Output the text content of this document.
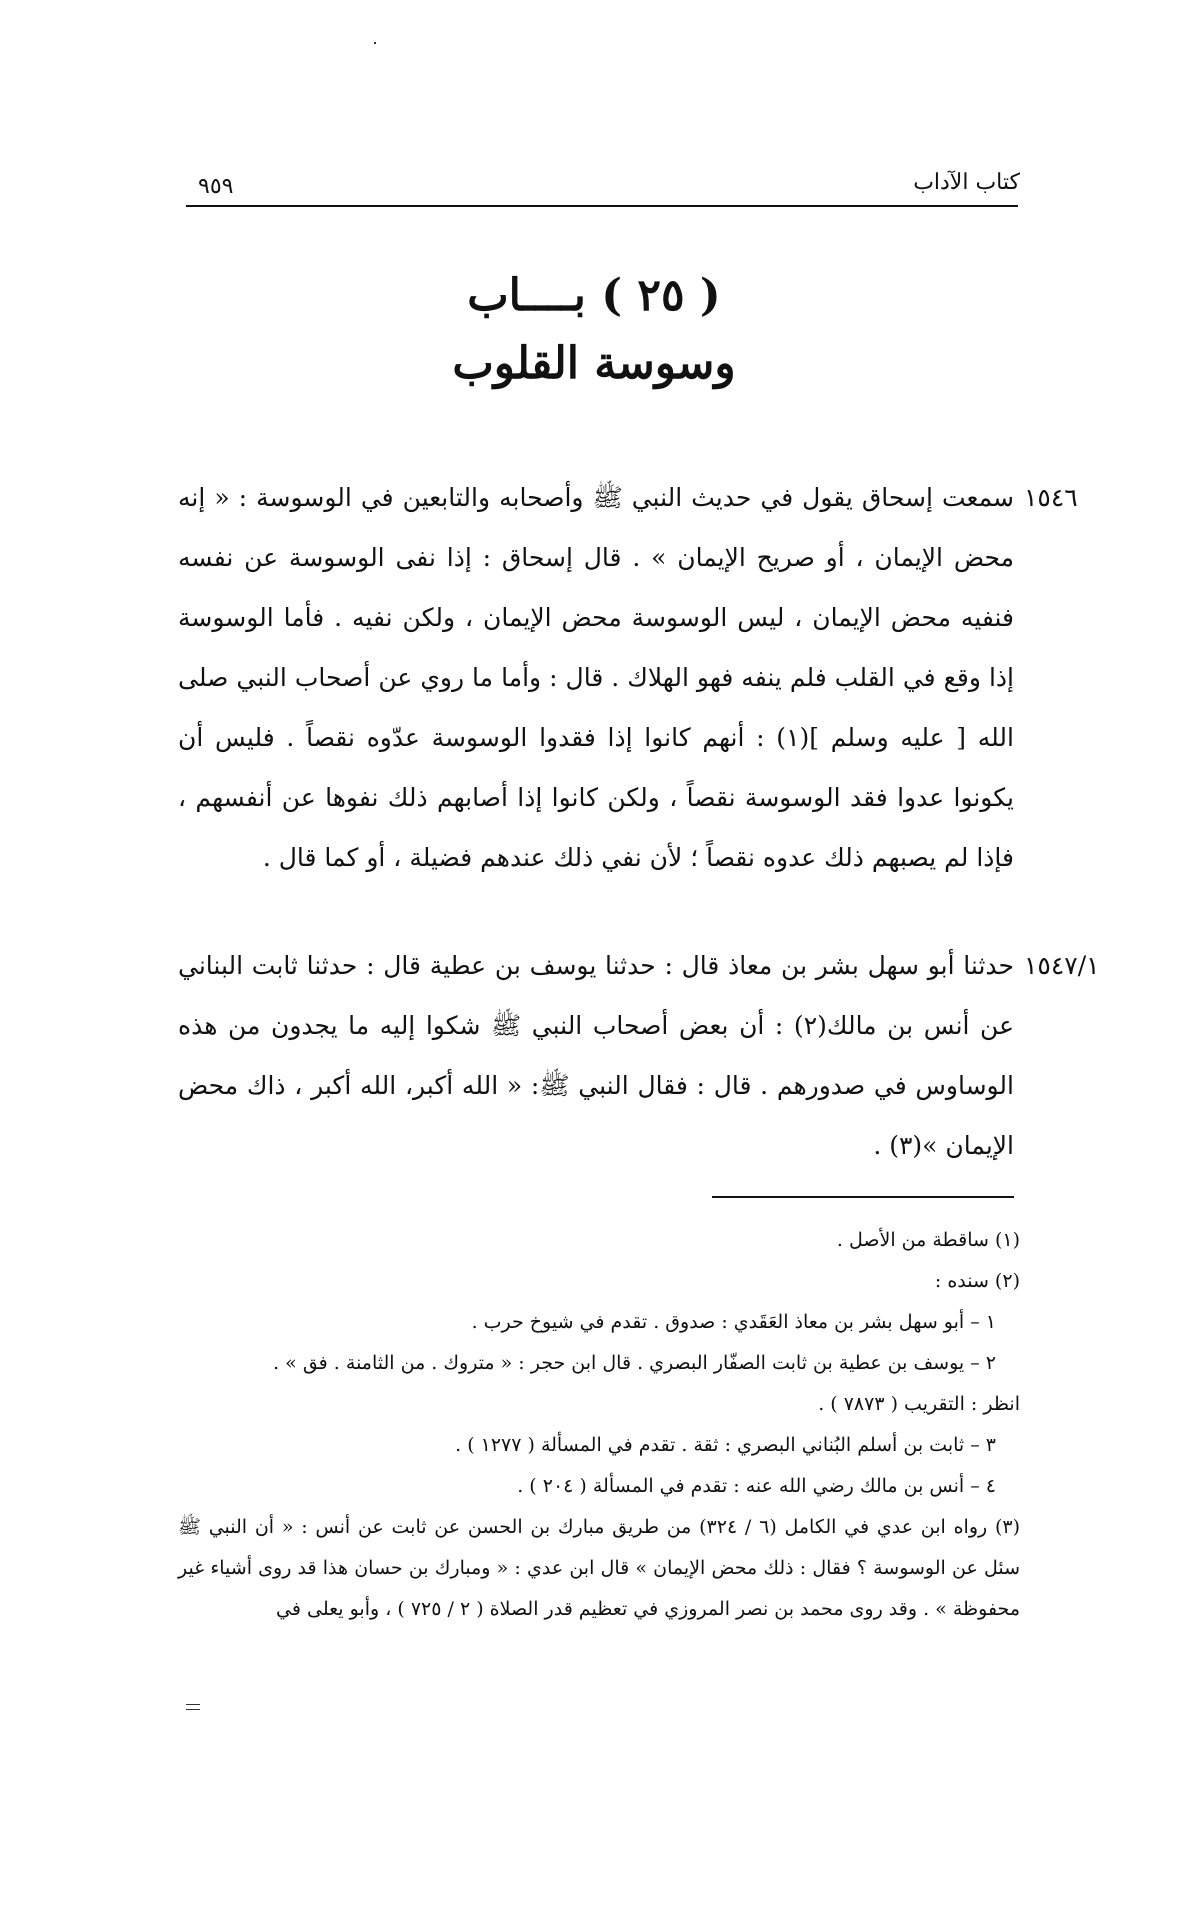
كتاب الآداب
٩٥٩
( ٢٥ ) بــــاب
وسوسة القلوب
١٥٤٦

سمعت إسحاق يقول في حديث النبي ﷺ وأصحابه والتابعين في الوسوسة : « إنه محض الإيمان ، أو صريح الإيمان » . قال إسحاق : إذا نفى الوسوسة عن نفسه فنفيه محض الإيمان ، ليس الوسوسة محض الإيمان ، ولكن نفيه . فأما الوسوسة إذا وقع في القلب فلم ينفه فهو الهلاك . قال : وأما ما روي عن أصحاب النبي صلى الله [ عليه وسلم ](١) : أنهم كانوا إذا فقدوا الوسوسة عدّوه نقصاً . فليس أن يكونوا عدوا فقد الوسوسة نقصاً ، ولكن كانوا إذا أصابهم ذلك نفوها عن أنفسهم ، فإذا لم يصبهم ذلك عدوه نقصاً ؛ لأن نفي ذلك عندهم فضيلة ، أو كما قال .

١٥٤٧/١

حدثنا أبو سهل بشر بن معاذ قال : حدثنا يوسف بن عطية قال : حدثنا ثابت البناني عن أنس بن مالك(٢) : أن بعض أصحاب النبي ﷺ شكوا إليه ما يجدون من هذه الوساوس في صدورهم . قال : فقال النبي ﷺ: « الله أكبر، الله أكبر ، ذاك محض الإيمان »(٣) .

(١) ساقطة من الأصل .

(٢) سنده :

١ – أبو سهل بشر بن معاذ العَقَدي : صدوق . تقدم في شيوخ حرب .

٢ – يوسف بن عطية بن ثابت الصفّار البصري . قال ابن حجر : « متروك . من الثامنة . فق » .

انظر : التقريب ( ٧٨٧٣ ) .

٣ – ثابت بن أسلم البُناني البصري : ثقة . تقدم في المسألة ( ١٢٧٧ ) .

٤ – أنس بن مالك رضي الله عنه : تقدم في المسألة ( ٢٠٤ ) .

(٣) رواه ابن عدي في الكامل (٦ / ٣٢٤) من طريق مبارك بن الحسن عن ثابت عن أنس : « أن النبي ﷺ سئل عن الوسوسة ؟ فقال : ذلك محض الإيمان » قال ابن عدي : « ومبارك بن حسان هذا قد روى أشياء غير محفوظة » . وقد روى محمد بن نصر المروزي في تعظيم قدر الصلاة ( ٢ / ٧٢٥ ) ، وأبو يعلى في
